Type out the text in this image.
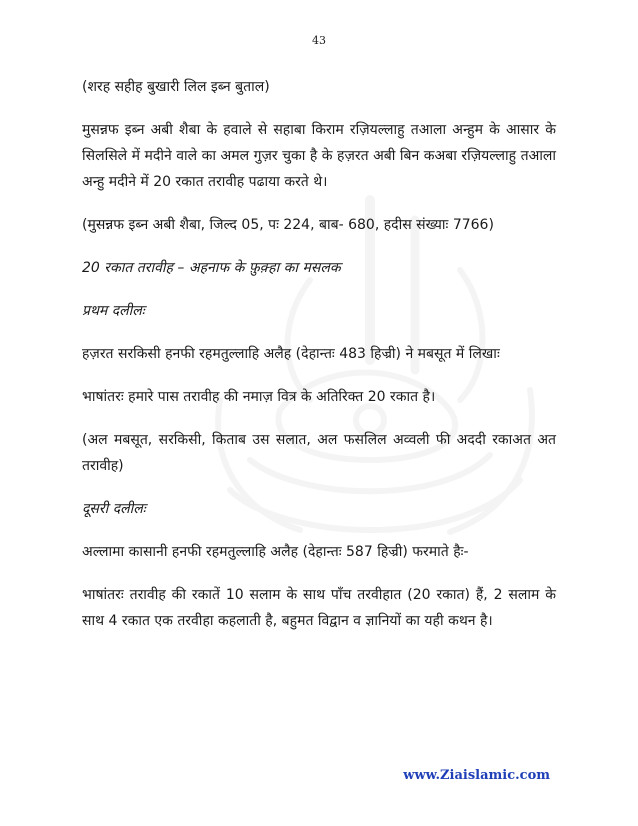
43

(शरह सहीह बुखारी लिल इब्न बुताल)

मुसन्नफ इब्न अबी शैबा के हवाले से सहाबा किराम रज़ियल्लाहु तआला अन्हुम के आसार के सिलसिले में मदीने वाले का अमल गुज़र चुका है के हज़रत अबी बिन कअबा रज़ियल्लाहु तआला अन्हु मदीने में 20 रकात तरावीह पढाया करते थे।

(मुसन्नफ इब्न अबी शैबा, जिल्द 05, पः 224, बाब- 680, हदीस संख्याः 7766)

20 रकात तरावीह – अहनाफ के फ़ुक़्हा का मसलक

प्रथम दलीलः

हज़रत सरकिसी हनफी रहमतुल्लाहि अलैह (देहान्तः 483 हिज्री) ने मबसूत में लिखाः

भाषांतरः हमारे पास तरावीह की नमाज़ वित्र के अतिरिक्त 20 रकात है।

(अल मबसूत, सरकिसी, किताब उस सलात, अल फसलिल अव्वली फी अददी रकाअत अत तरावीह)

दूसरी दलीलः

अल्लामा कासानी हनफी रहमतुल्लाहि अलैह (देहान्तः 587 हिज्री) फरमाते हैः-

भाषांतरः तरावीह की रकातें 10 सलाम के साथ पाँच तरवीहात (20 रकात) हैं, 2 सलाम के साथ 4 रकात एक तरवीहा कहलाती है, बहुमत विद्वान व ज्ञानियों का यही कथन है।

www.Ziaislamic.com
